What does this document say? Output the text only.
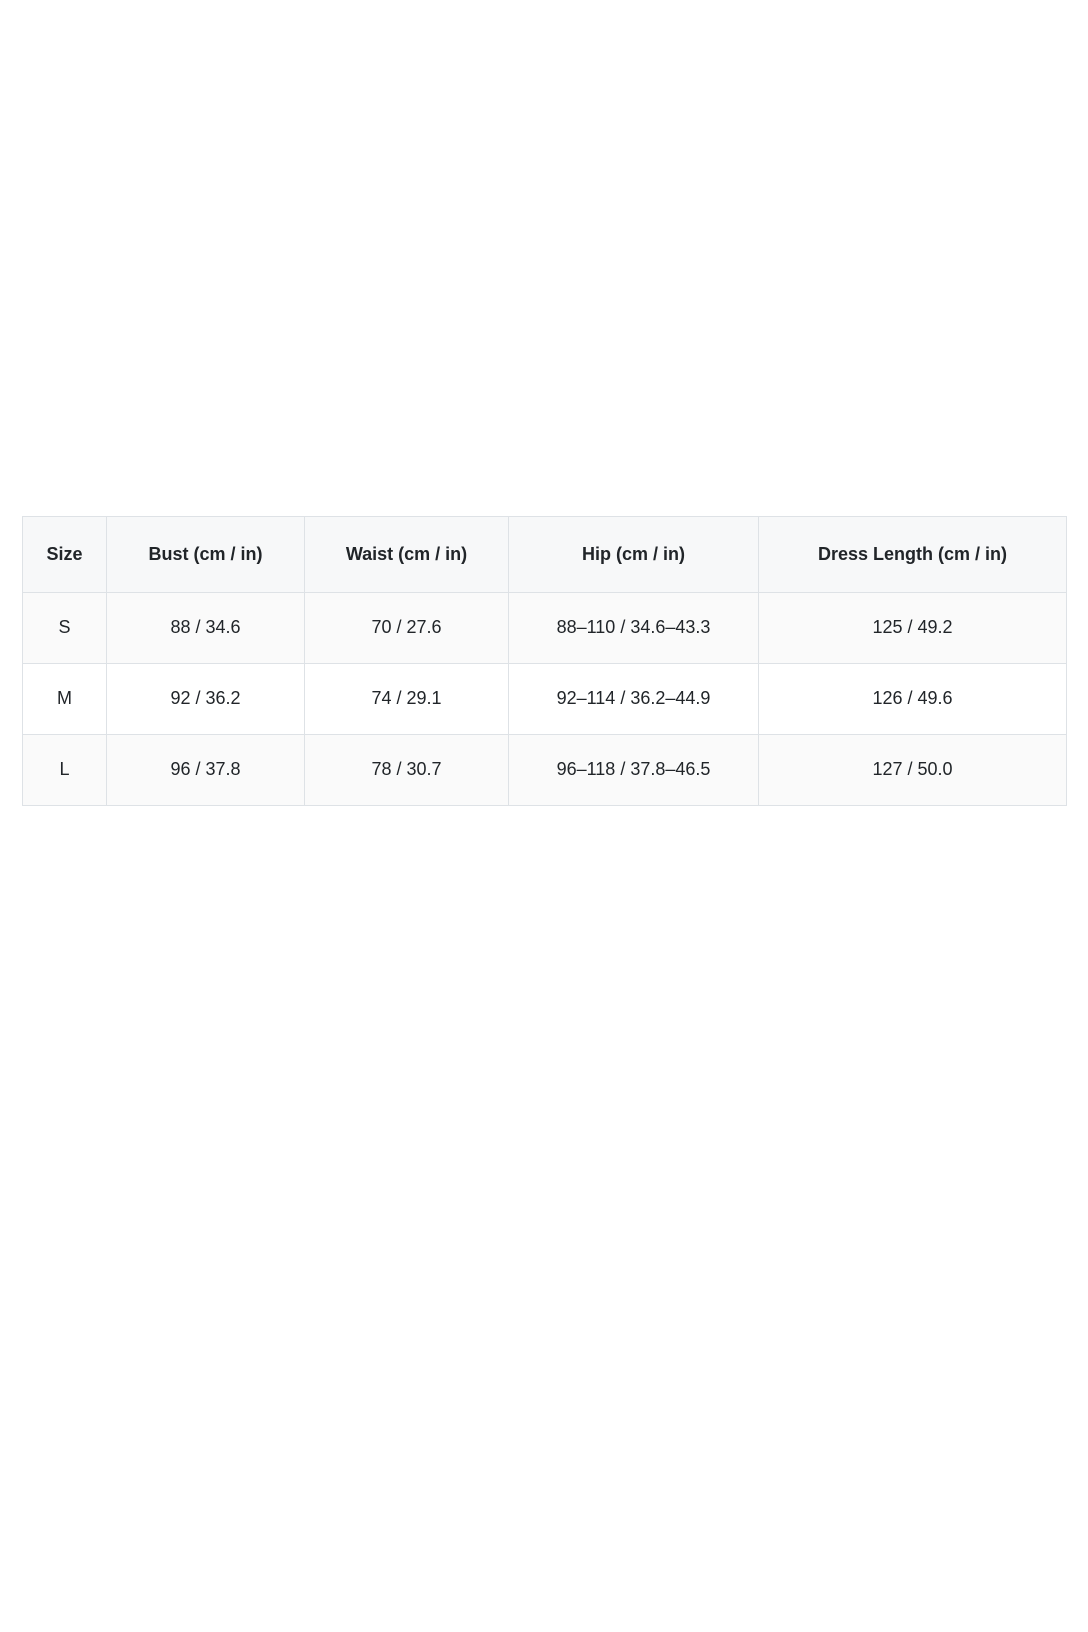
Size	Bust (cm / in)	Waist (cm / in)	Hip (cm / in)	Dress Length (cm / in)
S	88 / 34.6	70 / 27.6	88–110 / 34.6–43.3	125 / 49.2
M	92 / 36.2	74 / 29.1	92–114 / 36.2–44.9	126 / 49.6
L	96 / 37.8	78 / 30.7	96–118 / 37.8–46.5	127 / 50.0
